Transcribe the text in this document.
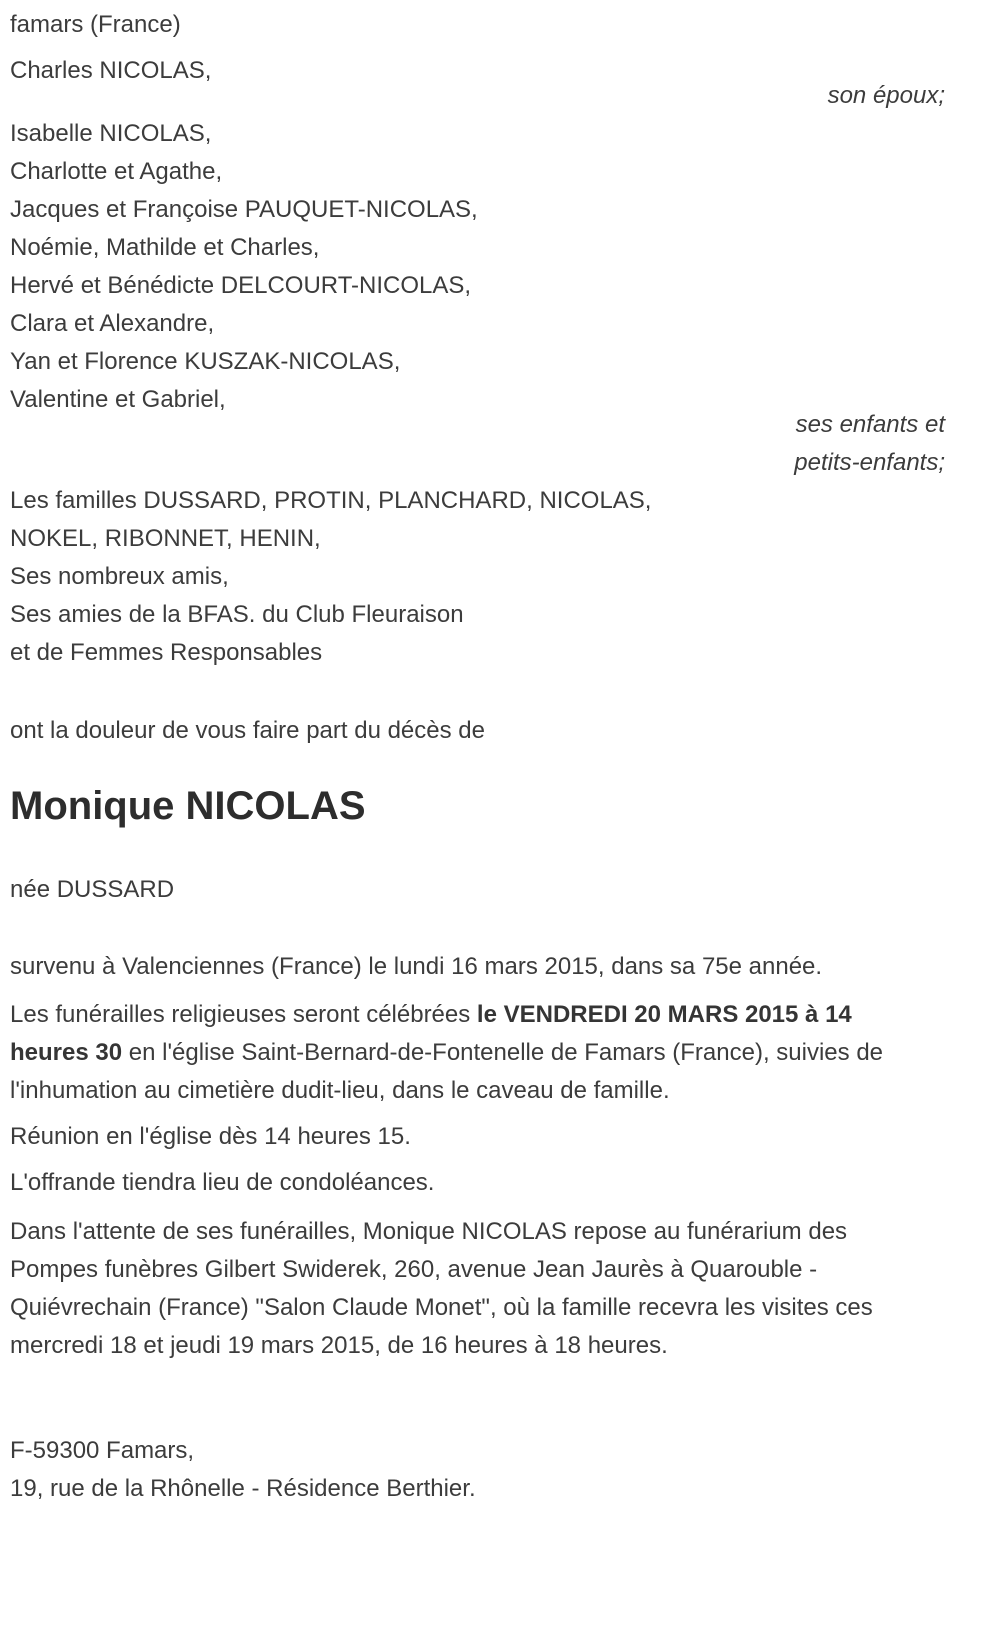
famars (France)
Charles NICOLAS,
son époux;
Isabelle NICOLAS,
Charlotte et Agathe,
Jacques et Françoise PAUQUET-NICOLAS,
Noémie, Mathilde et Charles,
Hervé et Bénédicte DELCOURT-NICOLAS,
Clara et Alexandre,
Yan et Florence KUSZAK-NICOLAS,
Valentine et Gabriel,
ses enfants et
petits-enfants;
Les familles DUSSARD, PROTIN, PLANCHARD, NICOLAS,
NOKEL, RIBONNET, HENIN,
Ses nombreux amis,
Ses amies de la BFAS. du Club Fleuraison
et de Femmes Responsables
ont la douleur de vous faire part du décès de
Monique NICOLAS
née DUSSARD

survenu à Valenciennes (France) le lundi 16 mars 2015, dans sa 75e année.

Les funérailles religieuses seront célébrées le VENDREDI 20 MARS 2015 à 14 heures 30 en l'église Saint-Bernard-de-Fontenelle de Famars (France), suivies de l'inhumation au cimetière dudit-lieu, dans le caveau de famille.

Réunion en l'église dès 14 heures 15.

L'offrande tiendra lieu de condoléances.

Dans l'attente de ses funérailles, Monique NICOLAS repose au funérarium des Pompes funèbres Gilbert Swiderek, 260, avenue Jean Jaurès à Quarouble - Quiévrechain (France) "Salon Claude Monet", où la famille recevra les visites ces mercredi 18 et jeudi 19 mars 2015, de 16 heures à 18 heures.

F-59300 Famars,
19, rue de la Rhônelle - Résidence Berthier.
